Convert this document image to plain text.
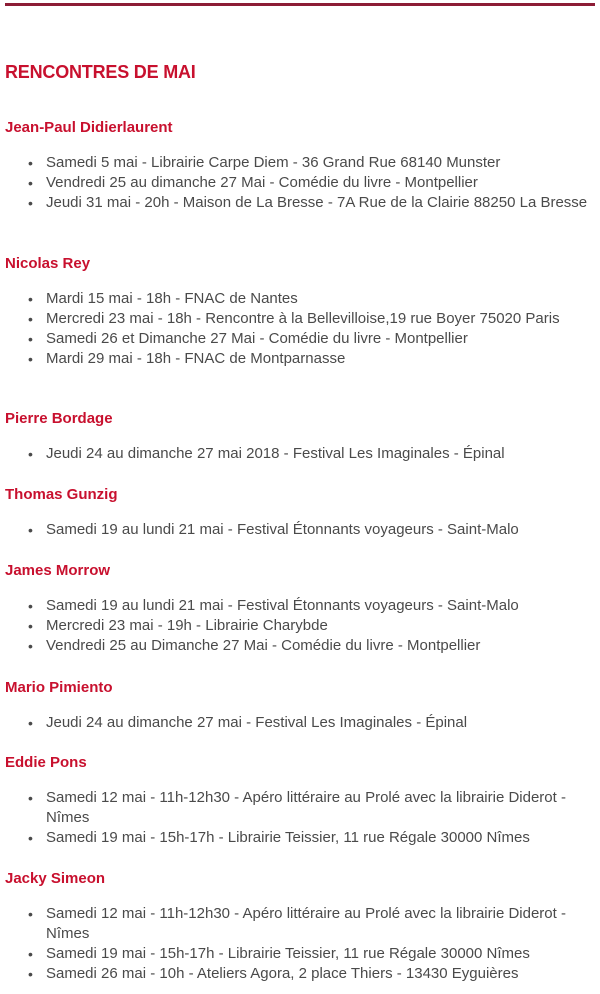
RENCONTRES DE MAI
Jean-Paul Didierlaurent
• Samedi 5 mai - Librairie Carpe Diem - 36 Grand Rue 68140 Munster
• Vendredi 25 au dimanche 27 Mai - Comédie du livre - Montpellier
• Jeudi 31 mai - 20h - Maison de La Bresse - 7A Rue de la Clairie 88250 La Bresse
Nicolas Rey
• Mardi 15 mai - 18h - FNAC de Nantes
• Mercredi 23 mai - 18h - Rencontre à la Bellevilloise,19 rue Boyer 75020 Paris
• Samedi 26 et Dimanche 27 Mai - Comédie du livre - Montpellier
• Mardi 29 mai - 18h - FNAC de Montparnasse
Pierre Bordage
• Jeudi 24 au dimanche 27 mai 2018 - Festival Les Imaginales - Épinal
Thomas Gunzig
• Samedi 19 au lundi 21 mai - Festival Étonnants voyageurs - Saint-Malo
James Morrow
• Samedi 19 au lundi 21 mai - Festival Étonnants voyageurs - Saint-Malo
• Mercredi 23 mai - 19h - Librairie Charybde
• Vendredi 25 au Dimanche 27 Mai - Comédie du livre - Montpellier
Mario Pimiento
• Jeudi 24 au dimanche 27 mai - Festival Les Imaginales - Épinal
Eddie Pons
• Samedi 12 mai - 11h-12h30 - Apéro littéraire au Prolé avec la librairie Diderot - Nîmes
• Samedi 19 mai - 15h-17h - Librairie Teissier, 11 rue Régale 30000 Nîmes
Jacky Simeon
• Samedi 12 mai - 11h-12h30 - Apéro littéraire au Prolé avec la librairie Diderot - Nîmes
• Samedi 19 mai - 15h-17h - Librairie Teissier, 11 rue Régale 30000 Nîmes
• Samedi 26 mai - 10h - Ateliers Agora, 2 place Thiers - 13430 Eyguières
